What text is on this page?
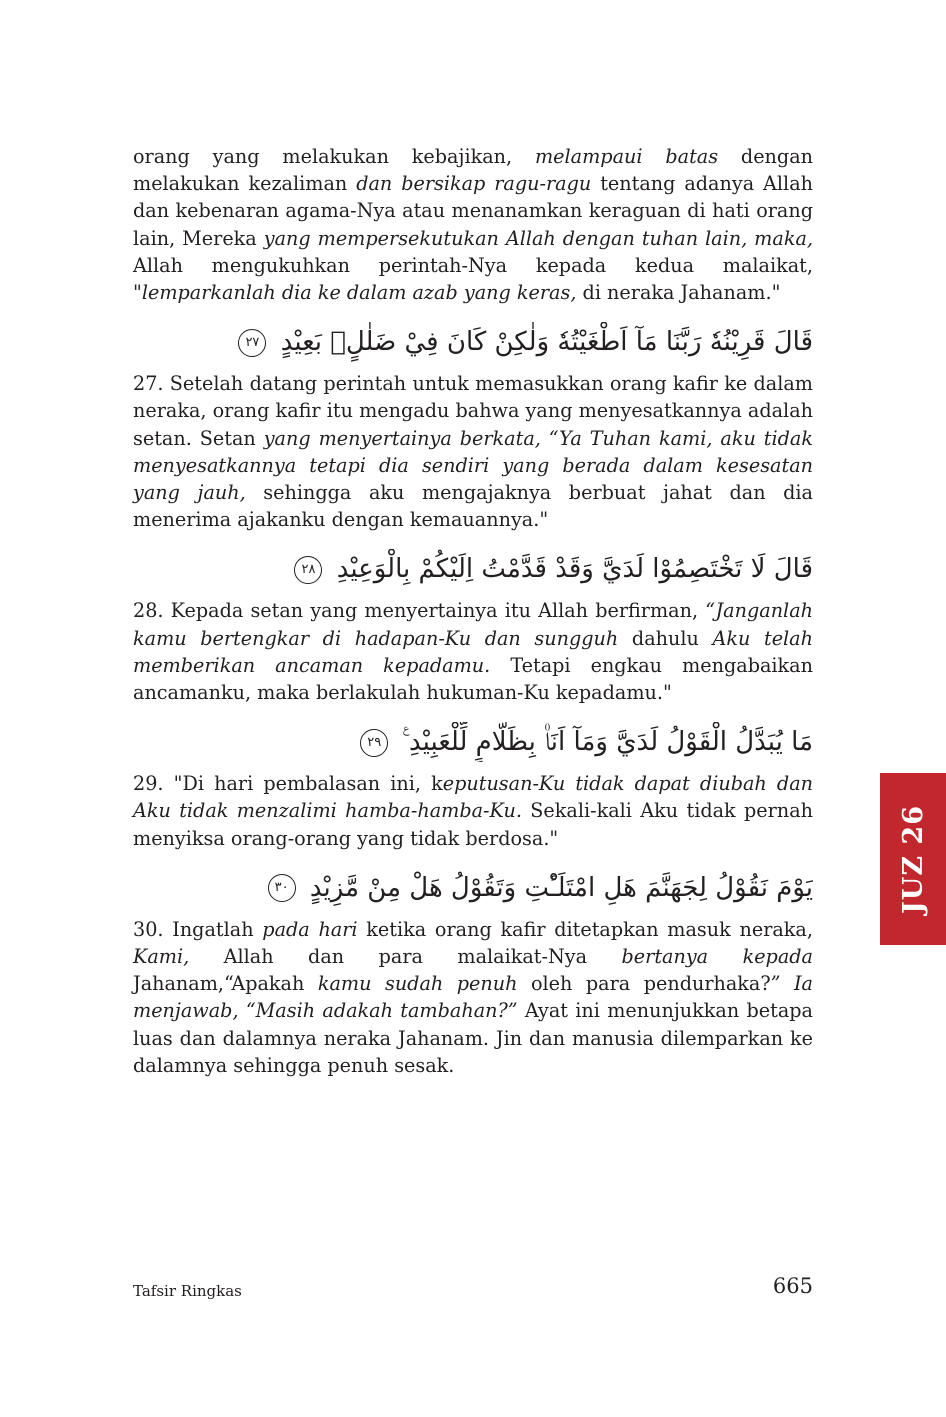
orang yang melakukan kebajikan, melampaui batas dengan melakukan kezaliman dan bersikap ragu-ragu tentang adanya Allah dan kebenaran agama-Nya atau menanamkan keraguan di hati orang lain, Mereka yang mempersekutukan Allah dengan tuhan lain, maka, Allah mengukuhkan perintah-Nya kepada kedua malaikat, "lemparkanlah dia ke dalam azab yang keras, di neraka Jahanam."

قَالَ قَرِيْنُهٗ رَبَّنَا مَآ اَطْغَيْتُهٗ وَلٰكِنْ كَانَ فِيْ ضَلٰلٍۢ بَعِيْدٍ ٢٧

27. Setelah datang perintah untuk memasukkan orang kafir ke dalam neraka, orang kafir itu mengadu bahwa yang menyesatkannya adalah setan. Setan yang menyertainya berkata, “Ya Tuhan kami, aku tidak menyesatkannya tetapi dia sendiri yang berada dalam kesesatan yang jauh, sehingga aku mengajaknya berbuat jahat dan dia menerima ajakanku dengan kemauannya."

قَالَ لَا تَخْتَصِمُوْا لَدَيَّ وَقَدْ قَدَّمْتُ اِلَيْكُمْ بِالْوَعِيْدِ ٢٨

28. Kepada setan yang menyertainya itu Allah berfirman, “Janganlah kamu bertengkar di hadapan-Ku dan sungguh dahulu Aku telah memberikan ancaman kepadamu. Tetapi engkau mengabaikan ancamanku, maka berlakulah hukuman-Ku kepadamu."

مَا يُبَدَّلُ الْقَوْلُ لَدَيَّ وَمَآ اَنَا۠ بِظَلَّامٍ لِّلْعَبِيْدِ ࣖ ٢٩

29. "Di hari pembalasan ini, keputusan-Ku tidak dapat diubah dan Aku tidak menzalimi hamba-hamba-Ku. Sekali-kali Aku tidak pernah menyiksa orang-orang yang tidak berdosa."

يَوْمَ نَقُوْلُ لِجَهَنَّمَ هَلِ امْتَلَـْٔتِ وَتَقُوْلُ هَلْ مِنْ مَّزِيْدٍ ٣٠

30. Ingatlah pada hari ketika orang kafir ditetapkan masuk neraka, Kami, Allah dan para malaikat-Nya bertanya kepada Jahanam,“Apakah kamu sudah penuh oleh para pendurhaka?” Ia menjawab, “Masih adakah tambahan?” Ayat ini menunjukkan betapa luas dan dalamnya neraka Jahanam. Jin dan manusia dilemparkan ke dalamnya sehingga penuh sesak.

JUZ 26
Tafsir Ringkas	665
